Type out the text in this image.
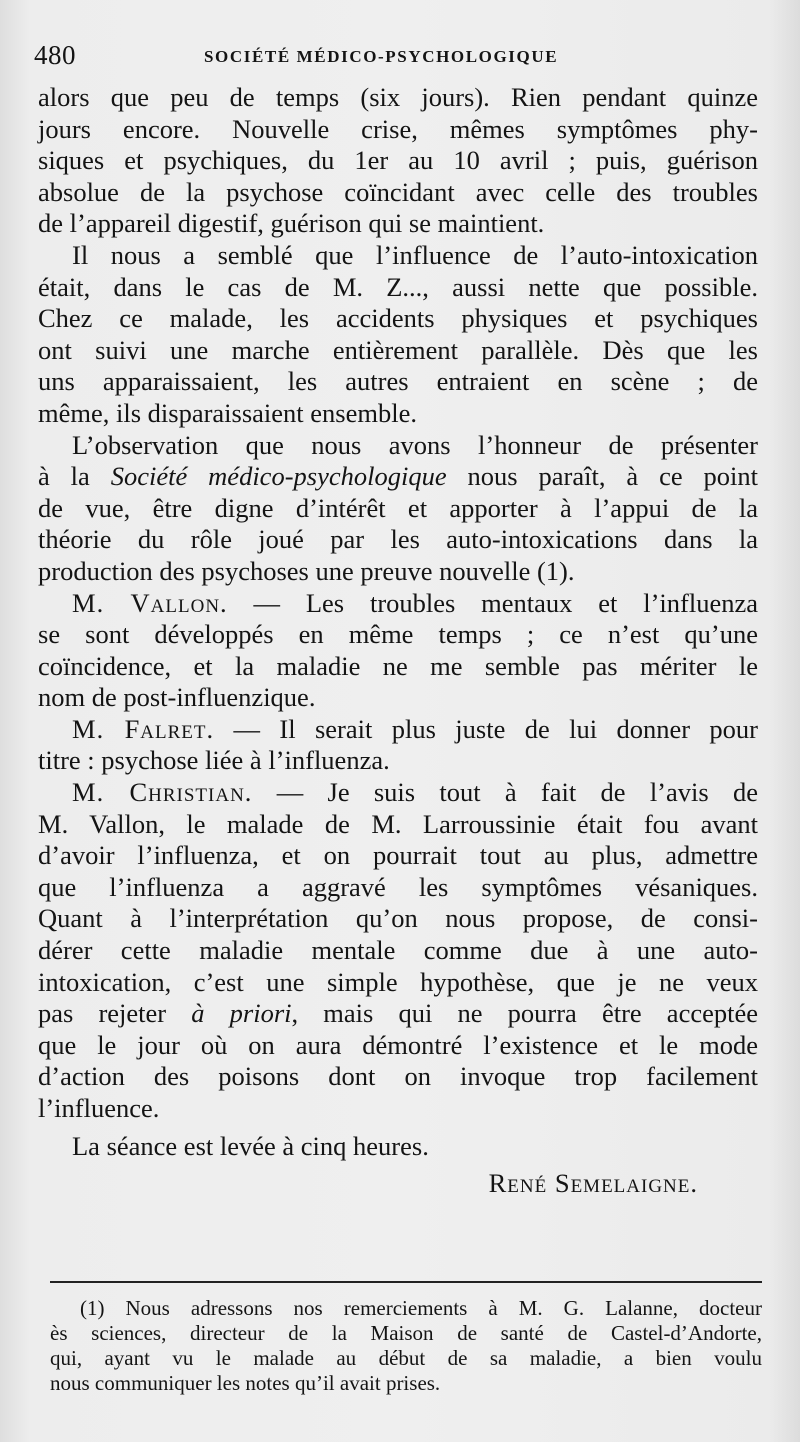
480	SOCIÉTÉ MÉDICO-PSYCHOLOGIQUE
alors que peu de temps (six jours). Rien pendant quinze
jours encore. Nouvelle crise, mêmes symptômes phy-
siques et psychiques, du 1er au 10 avril ; puis, guérison
absolue de la psychose coïncidant avec celle des troubles
de l’appareil digestif, guérison qui se maintient.
Il nous a semblé que l’influence de l’auto-intoxication
était, dans le cas de M. Z..., aussi nette que possible.
Chez ce malade, les accidents physiques et psychiques
ont suivi une marche entièrement parallèle. Dès que les
uns apparaissaient, les autres entraient en scène ; de
même, ils disparaissaient ensemble.
L’observation que nous avons l’honneur de présenter
à la Société médico-psychologique nous paraît, à ce point
de vue, être digne d’intérêt et apporter à l’appui de la
théorie du rôle joué par les auto-intoxications dans la
production des psychoses une preuve nouvelle (1).
M. Vallon. — Les troubles mentaux et l’influenza
se sont développés en même temps ; ce n’est qu’une
coïncidence, et la maladie ne me semble pas mériter le
nom de post-influenzique.
M. Falret. — Il serait plus juste de lui donner pour
titre : psychose liée à l’influenza.
M. Christian. — Je suis tout à fait de l’avis de
M. Vallon, le malade de M. Larroussinie était fou avant
d’avoir l’influenza, et on pourrait tout au plus, admettre
que l’influenza a aggravé les symptômes vésaniques.
Quant à l’interprétation qu’on nous propose, de consi-
dérer cette maladie mentale comme due à une auto-
intoxication, c’est une simple hypothèse, que je ne veux
pas rejeter à priori, mais qui ne pourra être acceptée
que le jour où on aura démontré l’existence et le mode
d’action des poisons dont on invoque trop facilement
l’influence.
La séance est levée à cinq heures.
René Semelaigne.
(1) Nous adressons nos remerciements à M. G. Lalanne, docteur
ès sciences, directeur de la Maison de santé de Castel-d’Andorte,
qui, ayant vu le malade au début de sa maladie, a bien voulu
nous communiquer les notes qu’il avait prises.
